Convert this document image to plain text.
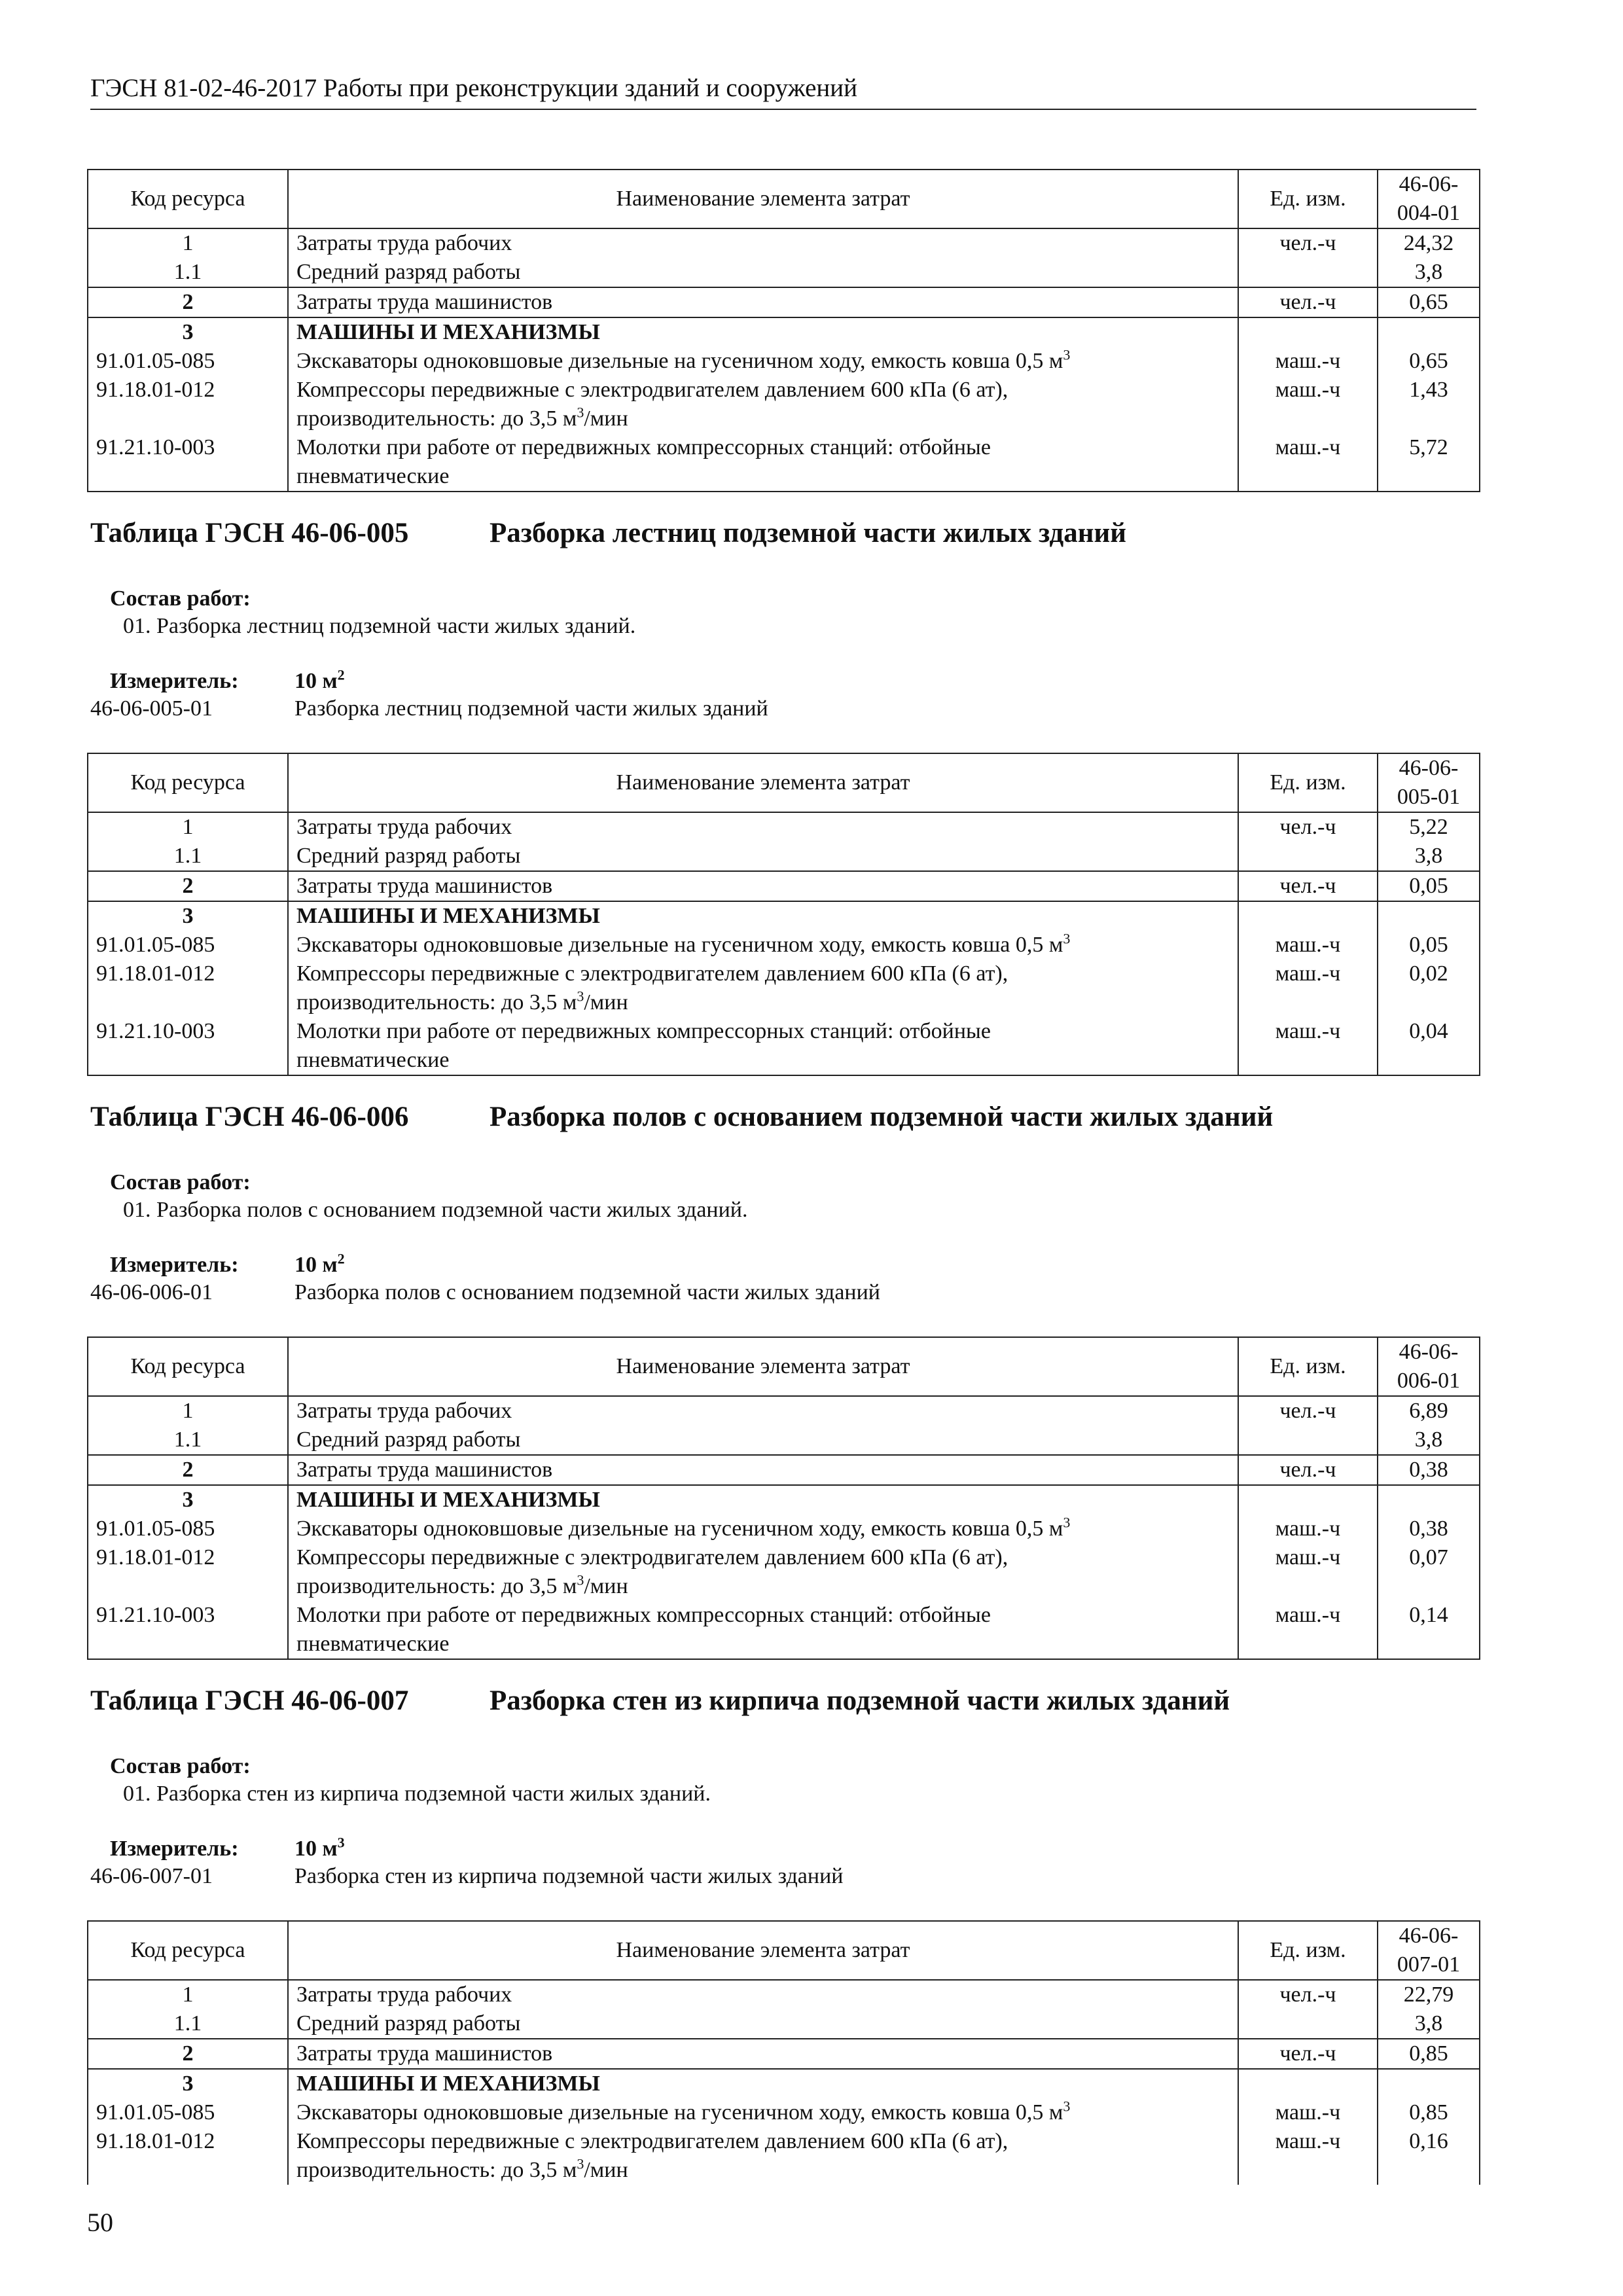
ГЭСН 81-02-46-2017 Работы при реконструкции зданий и сооружений
Код ресурса	Наименование элемента затрат	Ед. изм.	46-06-
004-01
1	Затраты труда рабочих	чел.-ч	24,32
1.1	Средний разряд работы		3,8
2	Затраты труда машинистов	чел.-ч	0,65
3	МАШИНЫ И МЕХАНИЗМЫ		
91.01.05-085	Экскаваторы одноковшовые дизельные на гусеничном ходу, емкость ковша 0,5 $м^3$	маш.-ч	0,65
91.18.01-012	Компрессоры передвижные с электродвигателем давлением 600 кПа (6 ат),	маш.-ч	1,43
	производительность: до 3,5 $м^3$/мин		
91.21.10-003	Молотки при работе от передвижных компрессорных станций: отбойные	маш.-ч	5,72
	пневматические		
Таблица ГЭСН 46-06-005	Разборка лестниц подземной части жилых зданий
Состав работ:
01. Разборка лестниц подземной части жилых зданий.
Измеритель:	10 $м^2$
46-06-005-01	Разборка лестниц подземной части жилых зданий
Код ресурса	Наименование элемента затрат	Ед. изм.	46-06-
005-01
1	Затраты труда рабочих	чел.-ч	5,22
1.1	Средний разряд работы		3,8
2	Затраты труда машинистов	чел.-ч	0,05
3	МАШИНЫ И МЕХАНИЗМЫ		
91.01.05-085	Экскаваторы одноковшовые дизельные на гусеничном ходу, емкость ковша 0,5 $м^3$	маш.-ч	0,05
91.18.01-012	Компрессоры передвижные с электродвигателем давлением 600 кПа (6 ат),	маш.-ч	0,02
	производительность: до 3,5 $м^3$/мин		
91.21.10-003	Молотки при работе от передвижных компрессорных станций: отбойные	маш.-ч	0,04
	пневматические		
Таблица ГЭСН 46-06-006	Разборка полов с основанием подземной части жилых зданий
Состав работ:
01. Разборка полов с основанием подземной части жилых зданий.
Измеритель:	10 $м^2$
46-06-006-01	Разборка полов с основанием подземной части жилых зданий
Код ресурса	Наименование элемента затрат	Ед. изм.	46-06-
006-01
1	Затраты труда рабочих	чел.-ч	6,89
1.1	Средний разряд работы		3,8
2	Затраты труда машинистов	чел.-ч	0,38
3	МАШИНЫ И МЕХАНИЗМЫ		
91.01.05-085	Экскаваторы одноковшовые дизельные на гусеничном ходу, емкость ковша 0,5 $м^3$	маш.-ч	0,38
91.18.01-012	Компрессоры передвижные с электродвигателем давлением 600 кПа (6 ат),	маш.-ч	0,07
	производительность: до 3,5 $м^3$/мин		
91.21.10-003	Молотки при работе от передвижных компрессорных станций: отбойные	маш.-ч	0,14
	пневматические		
Таблица ГЭСН 46-06-007	Разборка стен из кирпича подземной части жилых зданий
Состав работ:
01. Разборка стен из кирпича подземной части жилых зданий.
Измеритель:	10 $м^3$
46-06-007-01	Разборка стен из кирпича подземной части жилых зданий
Код ресурса	Наименование элемента затрат	Ед. изм.	46-06-
007-01
1	Затраты труда рабочих	чел.-ч	22,79
1.1	Средний разряд работы		3,8
2	Затраты труда машинистов	чел.-ч	0,85
3	МАШИНЫ И МЕХАНИЗМЫ		
91.01.05-085	Экскаваторы одноковшовые дизельные на гусеничном ходу, емкость ковша 0,5 $м^3$	маш.-ч	0,85
91.18.01-012	Компрессоры передвижные с электродвигателем давлением 600 кПа (6 ат),	маш.-ч	0,16
	производительность: до 3,5 $м^3$/мин		
50
